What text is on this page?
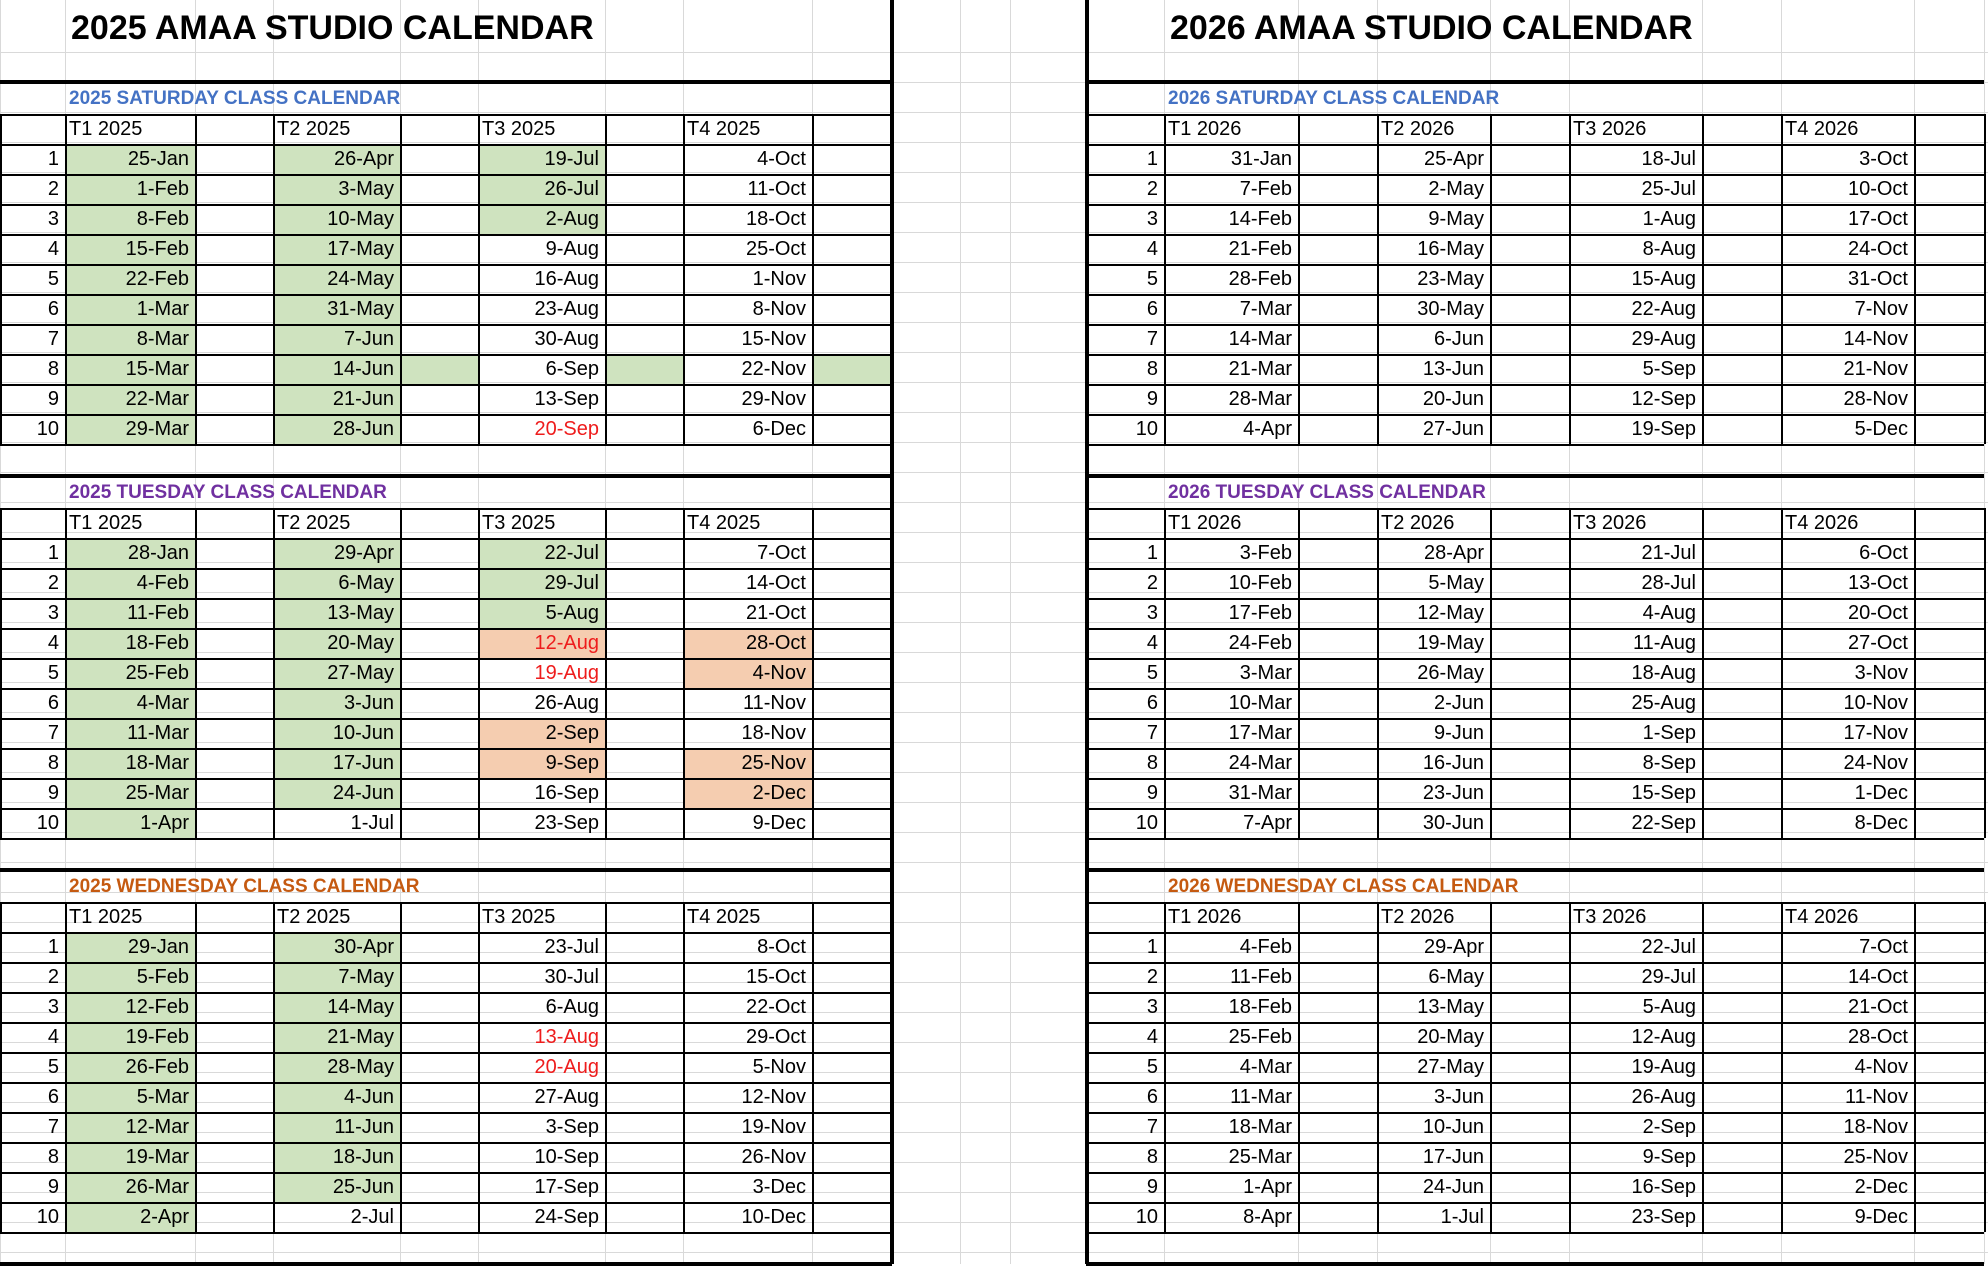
2025 AMAA STUDIO CALENDAR
2025 SATURDAY CLASS CALENDAR
T1 2025	T2 2025	T3 2025	T4 2025
1	25-Jan	26-Apr	19-Jul	4-Oct
2	1-Feb	3-May	26-Jul	11-Oct
3	8-Feb	10-May	2-Aug	18-Oct
4	15-Feb	17-May	9-Aug	25-Oct
5	22-Feb	24-May	16-Aug	1-Nov
6	1-Mar	31-May	23-Aug	8-Nov
7	8-Mar	7-Jun	30-Aug	15-Nov
8	15-Mar	14-Jun	6-Sep	22-Nov
9	22-Mar	21-Jun	13-Sep	29-Nov
10	29-Mar	28-Jun	20-Sep	6-Dec
2025 TUESDAY CLASS CALENDAR
T1 2025	T2 2025	T3 2025	T4 2025
1	28-Jan	29-Apr	22-Jul	7-Oct
2	4-Feb	6-May	29-Jul	14-Oct
3	11-Feb	13-May	5-Aug	21-Oct
4	18-Feb	20-May	12-Aug	28-Oct
5	25-Feb	27-May	19-Aug	4-Nov
6	4-Mar	3-Jun	26-Aug	11-Nov
7	11-Mar	10-Jun	2-Sep	18-Nov
8	18-Mar	17-Jun	9-Sep	25-Nov
9	25-Mar	24-Jun	16-Sep	2-Dec
10	1-Apr	1-Jul	23-Sep	9-Dec
2025 WEDNESDAY CLASS CALENDAR
T1 2025	T2 2025	T3 2025	T4 2025
1	29-Jan	30-Apr	23-Jul	8-Oct
2	5-Feb	7-May	30-Jul	15-Oct
3	12-Feb	14-May	6-Aug	22-Oct
4	19-Feb	21-May	13-Aug	29-Oct
5	26-Feb	28-May	20-Aug	5-Nov
6	5-Mar	4-Jun	27-Aug	12-Nov
7	12-Mar	11-Jun	3-Sep	19-Nov
8	19-Mar	18-Jun	10-Sep	26-Nov
9	26-Mar	25-Jun	17-Sep	3-Dec
10	2-Apr	2-Jul	24-Sep	10-Dec
2026 AMAA STUDIO CALENDAR
2026 SATURDAY CLASS CALENDAR
T1 2026	T2 2026	T3 2026	T4 2026
1	31-Jan	25-Apr	18-Jul	3-Oct
2	7-Feb	2-May	25-Jul	10-Oct
3	14-Feb	9-May	1-Aug	17-Oct
4	21-Feb	16-May	8-Aug	24-Oct
5	28-Feb	23-May	15-Aug	31-Oct
6	7-Mar	30-May	22-Aug	7-Nov
7	14-Mar	6-Jun	29-Aug	14-Nov
8	21-Mar	13-Jun	5-Sep	21-Nov
9	28-Mar	20-Jun	12-Sep	28-Nov
10	4-Apr	27-Jun	19-Sep	5-Dec
2026 TUESDAY CLASS CALENDAR
T1 2026	T2 2026	T3 2026	T4 2026
1	3-Feb	28-Apr	21-Jul	6-Oct
2	10-Feb	5-May	28-Jul	13-Oct
3	17-Feb	12-May	4-Aug	20-Oct
4	24-Feb	19-May	11-Aug	27-Oct
5	3-Mar	26-May	18-Aug	3-Nov
6	10-Mar	2-Jun	25-Aug	10-Nov
7	17-Mar	9-Jun	1-Sep	17-Nov
8	24-Mar	16-Jun	8-Sep	24-Nov
9	31-Mar	23-Jun	15-Sep	1-Dec
10	7-Apr	30-Jun	22-Sep	8-Dec
2026 WEDNESDAY CLASS CALENDAR
T1 2026	T2 2026	T3 2026	T4 2026
1	4-Feb	29-Apr	22-Jul	7-Oct
2	11-Feb	6-May	29-Jul	14-Oct
3	18-Feb	13-May	5-Aug	21-Oct
4	25-Feb	20-May	12-Aug	28-Oct
5	4-Mar	27-May	19-Aug	4-Nov
6	11-Mar	3-Jun	26-Aug	11-Nov
7	18-Mar	10-Jun	2-Sep	18-Nov
8	25-Mar	17-Jun	9-Sep	25-Nov
9	1-Apr	24-Jun	16-Sep	2-Dec
10	8-Apr	1-Jul	23-Sep	9-Dec
